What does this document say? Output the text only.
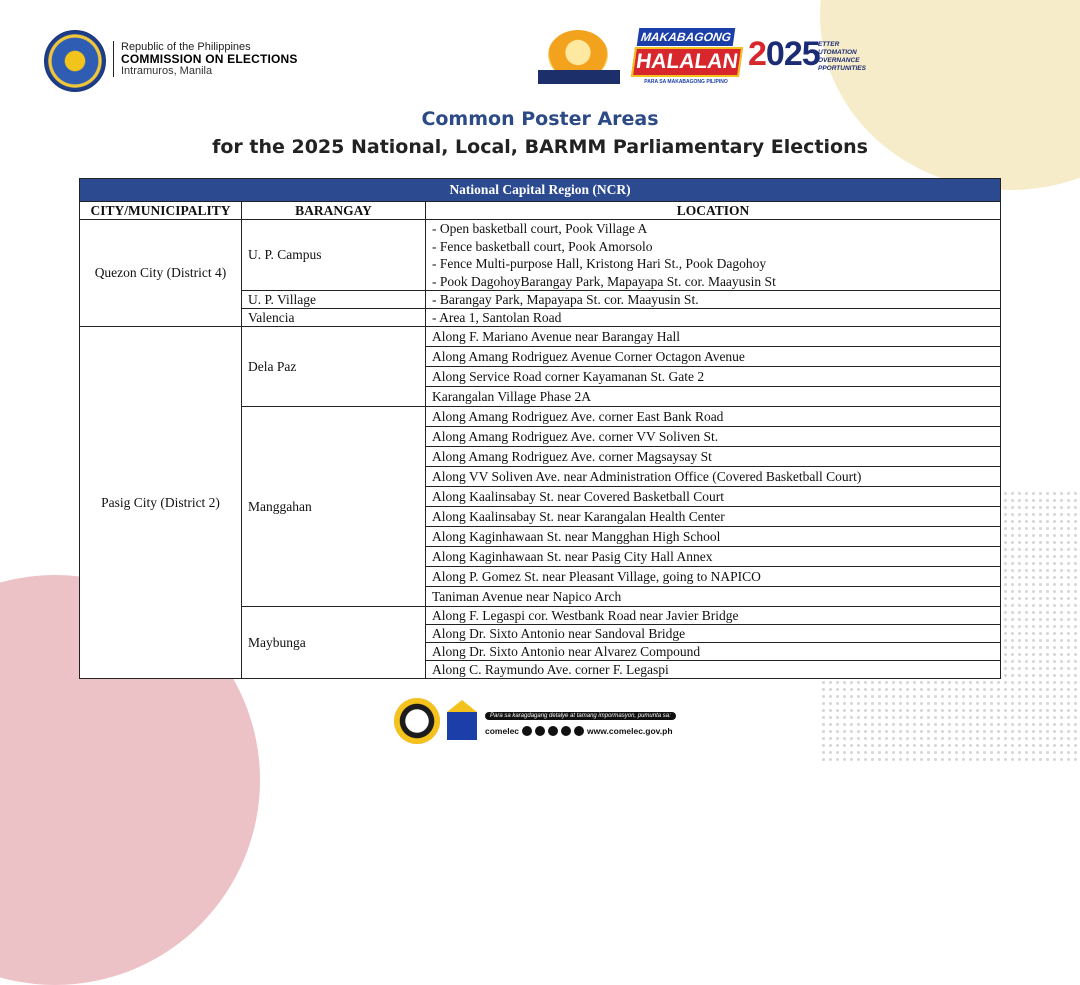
Republic of the Philippines
COMMISSION ON ELECTIONS
Intramuros, Manila
MAKABAGONG
HALALAN
PARA SA MAKABAGONG PILIPINO
2025
ETTER
UTOMATION
OVERNANCE
PPORTUNITIES
Common Poster Areas
for the 2025 National, Local, BARMM Parliamentary Elections
National Capital Region (NCR)		
CITY/MUNICIPALITY	BARANGAY	LOCATION
Quezon City (District 4)	U. P. Campus	- Open basketball court, Pook Village A
- Fence basketball court, Pook Amorsolo
- Fence Multi-purpose Hall, Kristong Hari St., Pook Dagohoy
- Pook DagohoyBarangay Park, Mapayapa St. cor. Maayusin St

	U. P. Village	- Barangay Park, Mapayapa St. cor. Maayusin St.
	Valencia	- Area 1, Santolan Road
Pasig City (District 2)	Dela Paz	Along F. Mariano Avenue near Barangay Hall
		Along Amang Rodriguez Avenue Corner Octagon Avenue
		Along Service Road corner Kayamanan St. Gate 2
		Karangalan Village Phase 2A
	Manggahan	Along Amang Rodriguez Ave. corner East Bank Road
		Along Amang Rodriguez Ave. corner VV Soliven St.
		Along Amang Rodriguez Ave. corner Magsaysay St
		Along VV Soliven Ave. near Administration Office (Covered Basketball Court)
		Along Kaalinsabay St. near Covered Basketball Court
		Along Kaalinsabay St. near Karangalan Health Center
		Along Kaginhawaan St. near Mangghan High School
		Along Kaginhawaan St. near Pasig City Hall Annex
		Along P. Gomez St. near Pleasant Village, going to NAPICO
		Taniman Avenue near Napico Arch
	Maybunga	Along F. Legaspi cor. Westbank Road near Javier Bridge
		Along Dr. Sixto Antonio near Sandoval Bridge
		Along Dr. Sixto Antonio near Alvarez Compound
		Along C. Raymundo Ave. corner F. Legaspi
Para sa karagdagang detalye at tamang impormasyon, pumunta sa:
comelec	www.comelec.gov.ph
